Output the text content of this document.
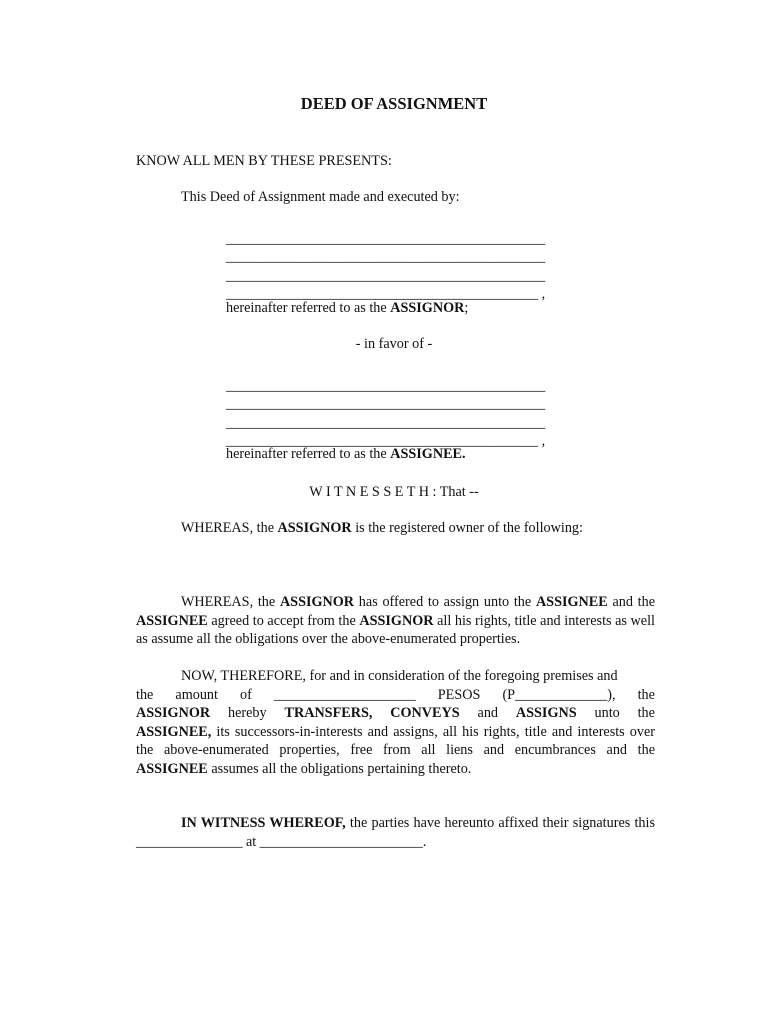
DEED OF ASSIGNMENT
KNOW ALL MEN BY THESE PRESENTS:
This Deed of Assignment made and executed by:
_____________________________________________
_____________________________________________
_____________________________________________
____________________________________________ ,
hereinafter referred to as the ASSIGNOR;
- in favor of -
_____________________________________________
_____________________________________________
_____________________________________________
____________________________________________ ,
hereinafter referred to as the ASSIGNEE.
W I T N E S S E T H : That --
WHEREAS, the ASSIGNOR is the registered owner of the following:
WHEREAS, the ASSIGNOR has offered to assign unto the ASSIGNEE and the ASSIGNEE agreed to accept from the ASSIGNOR all his rights, title and interests as well as assume all the obligations over the above-enumerated properties.
NOW, THEREFORE, for and in consideration of the foregoing premises and
the amount of ____________________ PESOS (P_____________), the
ASSIGNOR hereby TRANSFERS, CONVEYS and ASSIGNS unto the
ASSIGNEE, its successors-in-interests and assigns, all his rights, title and interests over the above-enumerated properties, free from all liens and encumbrances and the ASSIGNEE assumes all the obligations pertaining thereto.
IN WITNESS WHEREOF, the parties have hereunto affixed their signatures this _______________ at _______________________.
